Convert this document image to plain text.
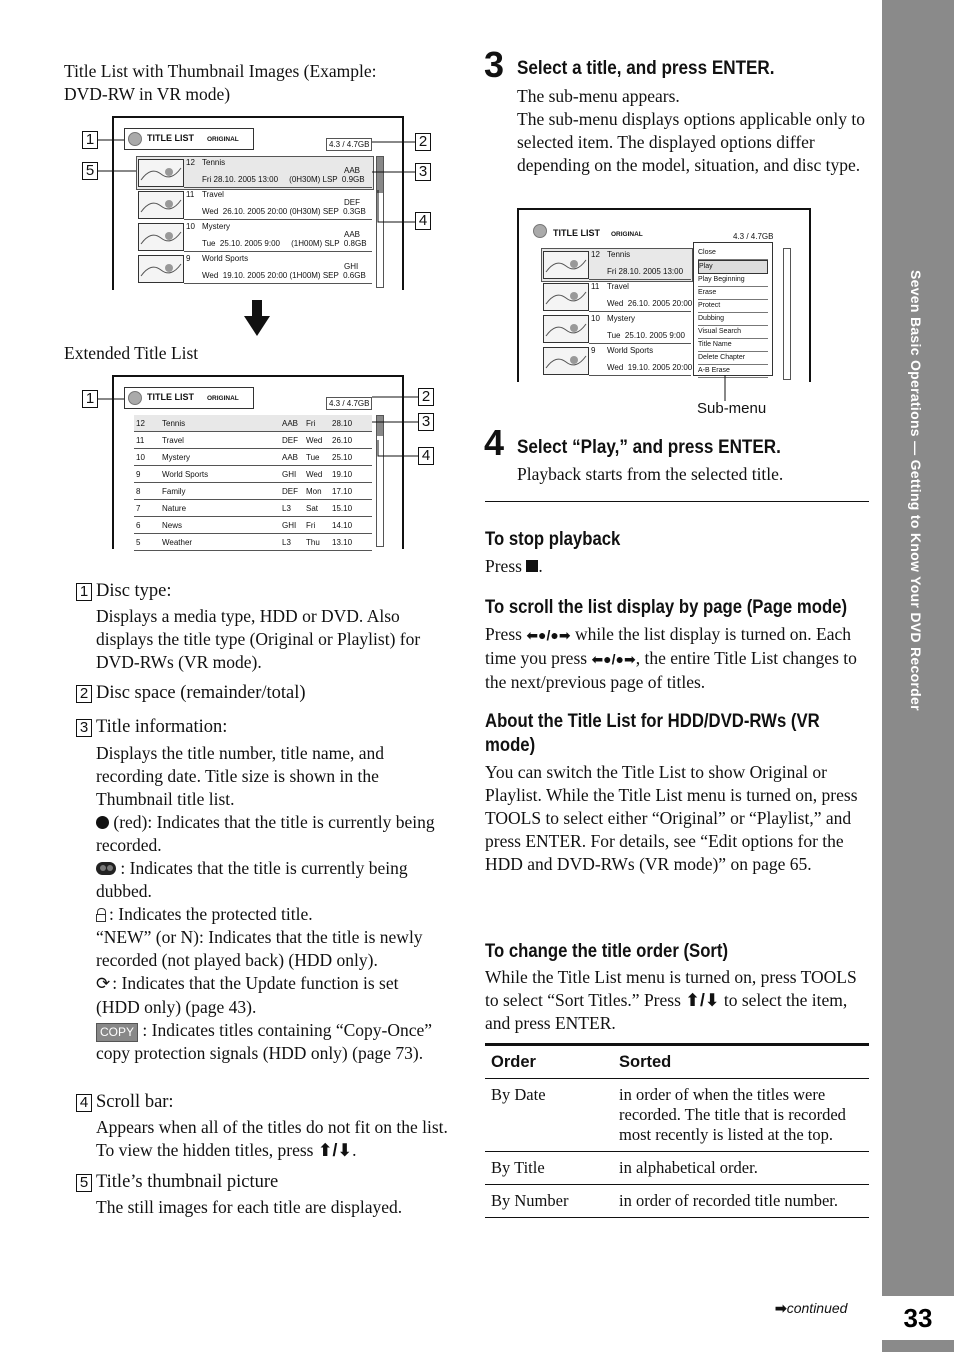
Title List with Thumbnail Images (Example:
DVD-RW in VR mode)
TITLE LIST ORIGINAL
4.3 / 4.7GB
12 Tennis
AAB
Fri 28.10. 2005 13:00     (0H30M) LSP  0.9GB
11 Travel
DEF
Wed  26.10. 2005 20:00 (0H30M) SEP  0.3GB
10 Mystery
AAB
Tue  25.10. 2005 9:00     (1H00M) SLP  0.8GB
9 World Sports
GHI
Wed  19.10. 2005 20:00 (1H00M) SEP  0.6GB
Extended Title List
TITLE LIST ORIGINAL
4.3 / 4.7GB
12 Tennis	AAB Fri 28.10
11 Travel	DEF Wed 26.10
10 Mystery	AAB Tue 25.10
9	World Sports	GHI Wed 19.10
8	Family	DEF Mon 17.10
7	Nature	L3 Sat 15.10
6	News	GHI Fri 14.10
5	Weather	L3 Thu 13.10
1
5
2
3
4
1	2
3
4
1 Disc type:
Displays a media type, HDD or DVD. Also displays the title type (Original or Playlist) for DVD-RWs (VR mode).
2 Disc space (remainder/total)
3 Title information:
Displays the title number, title name, and recording date. Title size is shown in the Thumbnail title list.
(red): Indicates that the title is currently being recorded.
: Indicates that the title is currently being dubbed.
: Indicates the protected title.
“NEW” (or N): Indicates that the title is newly recorded (not played back) (HDD only).
⟳ : Indicates that the Update function is set (HDD only) (page 43).
COPY : Indicates titles containing “Copy-Once” copy protection signals (HDD only) (page 73).
4 Scroll bar:
Appears when all of the titles do not fit on the list. To view the hidden titles, press ⬆/⬇.
5 Title’s thumbnail picture
The still images for each title are displayed.
3 Select a title, and press ENTER.
The sub-menu appears.
The sub-menu displays options applicable only to selected item. The displayed options differ depending on the model, situation, and disc type.
TITLE LIST ORIGINAL	4.3 / 4.7GB
12 Tennis
Fri 28.10. 2005 13:00
11 Travel
Wed  26.10. 2005 20:00
10 Mystery
Tue  25.10. 2005 9:00
9 World Sports
Wed  19.10. 2005 20:00
Close
Play
Play Beginning
Erase
Protect
Dubbing
Visual Search
Title Name
Delete Chapter
A-B Erase
Sub-menu
4 Select “Play,” and press ENTER.
Playback starts from the selected title.
To stop playback
Press .
To scroll the list display by page (Page mode)
Press ⬅●/●➡ while the list display is turned on. Each time you press ⬅●/●➡, the entire Title List changes to the next/previous page of titles.
About the Title List for HDD/DVD-RWs (VR
mode)
You can switch the Title List to show Original or Playlist. While the Title List menu is turned on, press TOOLS to select either “Original” or “Playlist,” and press ENTER. For details, see “Edit options for the HDD and DVD-RWs (VR mode)” on page 65.
To change the title order (Sort)
While the Title List menu is turned on, press TOOLS to select “Sort Titles.” Press ⬆/⬇ to select the item, and press ENTER.
Order	Sorted
By Date	in order of when the titles were recorded. The title that is recorded most recently is listed at the top.
By Title	in alphabetical order.
By Number	in order of recorded title number.
➡continued
Seven Basic Operations — Getting to Know Your DVD Recorder
33
